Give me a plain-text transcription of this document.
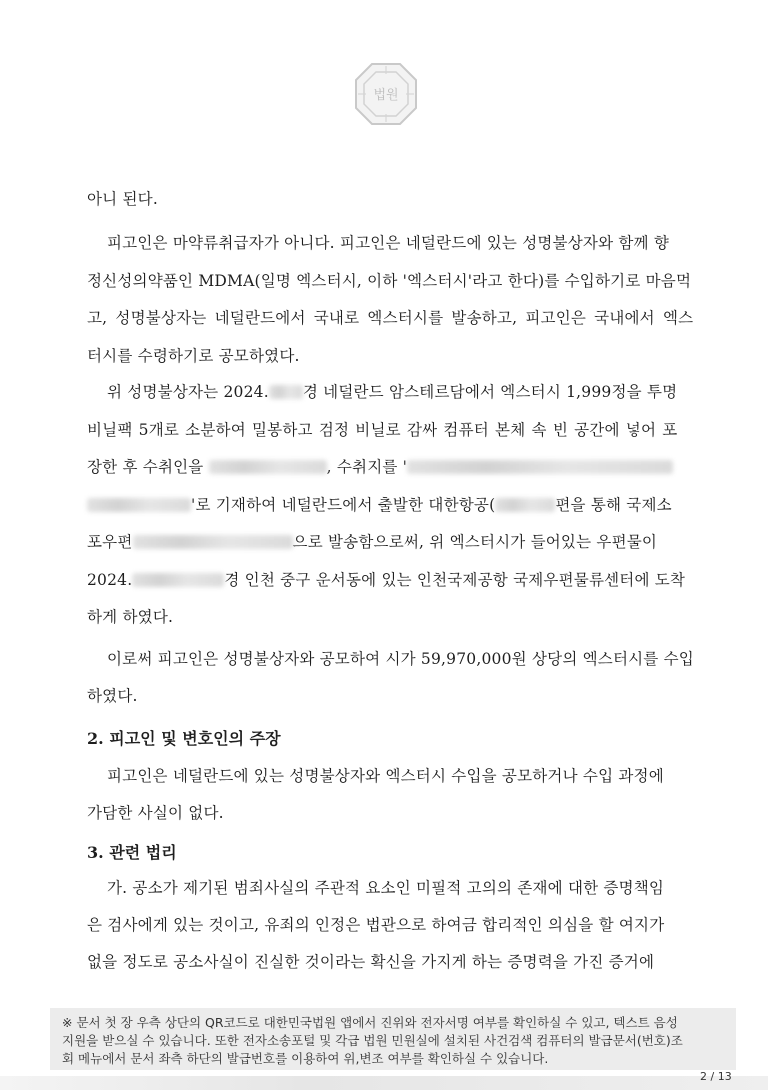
법원
아니 된다.
피고인은 마약류취급자가 아니다. 피고인은 네덜란드에 있는 성명불상자와 함께 향
정신성의약품인 MDMA(일명 엑스터시, 이하 '엑스터시'라고 한다)를 수입하기로 마음먹
고, 성명불상자는 네덜란드에서 국내로 엑스터시를 발송하고, 피고인은 국내에서 엑스
터시를 수령하기로 공모하였다.
위 성명불상자는 2024. 경 네덜란드 암스테르담에서 엑스터시 1,999정을 투명
비닐팩 5개로 소분하여 밀봉하고 검정 비닐로 감싸 컴퓨터 본체 속 빈 공간에 넣어 포
장한 후 수취인을	, 수취지를 '
'로 기재하여 네덜란드에서 출발한 대한항공(	편을 통해 국제소
포우편	으로 발송함으로써, 위 엑스터시가 들어있는 우편물이
2024.	경 인천 중구 운서동에 있는 인천국제공항 국제우편물류센터에 도착
하게 하였다.
이로써 피고인은 성명불상자와 공모하여 시가 59,970,000원 상당의 엑스터시를 수입
하였다.
2. 피고인 및 변호인의 주장
피고인은 네덜란드에 있는 성명불상자와 엑스터시 수입을 공모하거나 수입 과정에
가담한 사실이 없다.
3. 관련 법리
가. 공소가 제기된 범죄사실의 주관적 요소인 미필적 고의의 존재에 대한 증명책임
은 검사에게 있는 것이고, 유죄의 인정은 법관으로 하여금 합리적인 의심을 할 여지가
없을 정도로 공소사실이 진실한 것이라는 확신을 가지게 하는 증명력을 가진 증거에
※ 문서 첫 장 우측 상단의 QR코드로 대한민국법원 앱에서 진위와 전자서명 여부를 확인하실 수 있고, 텍스트 음성
지원을 받으실 수 있습니다. 또한 전자소송포털 및 각급 법원 민원실에 설치된 사건검색 컴퓨터의 발급문서(번호)조
회 메뉴에서 문서 좌측 하단의 발급번호를 이용하여 위,변조 여부를 확인하실 수 있습니다.
2 / 13
